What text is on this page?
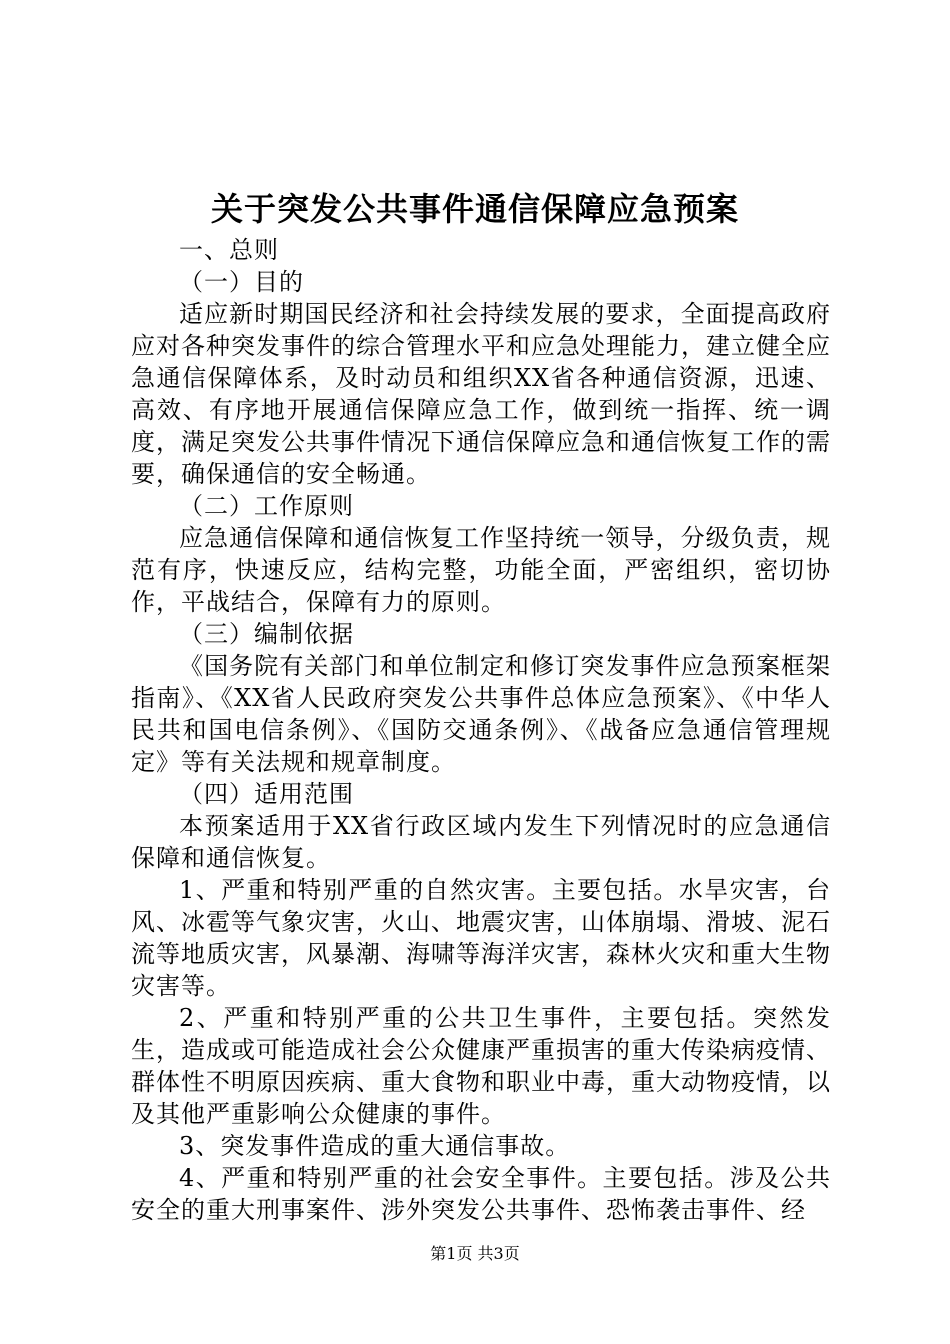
关于突发公共事件通信保障应急预案

一、总则

（一）目的

适应新时期国民经济和社会持续发展的要求，全面提高政府应对各种突发事件的综合管理水平和应急处理能力，建立健全应急通信保障体系，及时动员和组织XX省各种通信资源，迅速、高效、有序地开展通信保障应急工作，做到统一指挥、统一调度，满足突发公共事件情况下通信保障应急和通信恢复工作的需要，确保通信的安全畅通。

（二）工作原则

应急通信保障和通信恢复工作坚持统一领导，分级负责，规范有序，快速反应，结构完整，功能全面，严密组织，密切协作，平战结合，保障有力的原则。

（三）编制依据

《国务院有关部门和单位制定和修订突发事件应急预案框架指南》、《XX省人民政府突发公共事件总体应急预案》、《中华人民共和国电信条例》、《国防交通条例》、《战备应急通信管理规定》等有关法规和规章制度。

（四）适用范围

本预案适用于XX省行政区域内发生下列情况时的应急通信保障和通信恢复。

1、严重和特别严重的自然灾害。主要包括。水旱灾害，台风、冰雹等气象灾害，火山、地震灾害，山体崩塌、滑坡、泥石流等地质灾害，风暴潮、海啸等海洋灾害，森林火灾和重大生物灾害等。

2、严重和特别严重的公共卫生事件，主要包括。突然发生，造成或可能造成社会公众健康严重损害的重大传染病疫情、群体性不明原因疾病、重大食物和职业中毒，重大动物疫情，以及其他严重影响公众健康的事件。

3、突发事件造成的重大通信事故。

4、严重和特别严重的社会安全事件。主要包括。涉及公共安全的重大刑事案件、涉外突发公共事件、恐怖袭击事件、经

第1页 共3页
